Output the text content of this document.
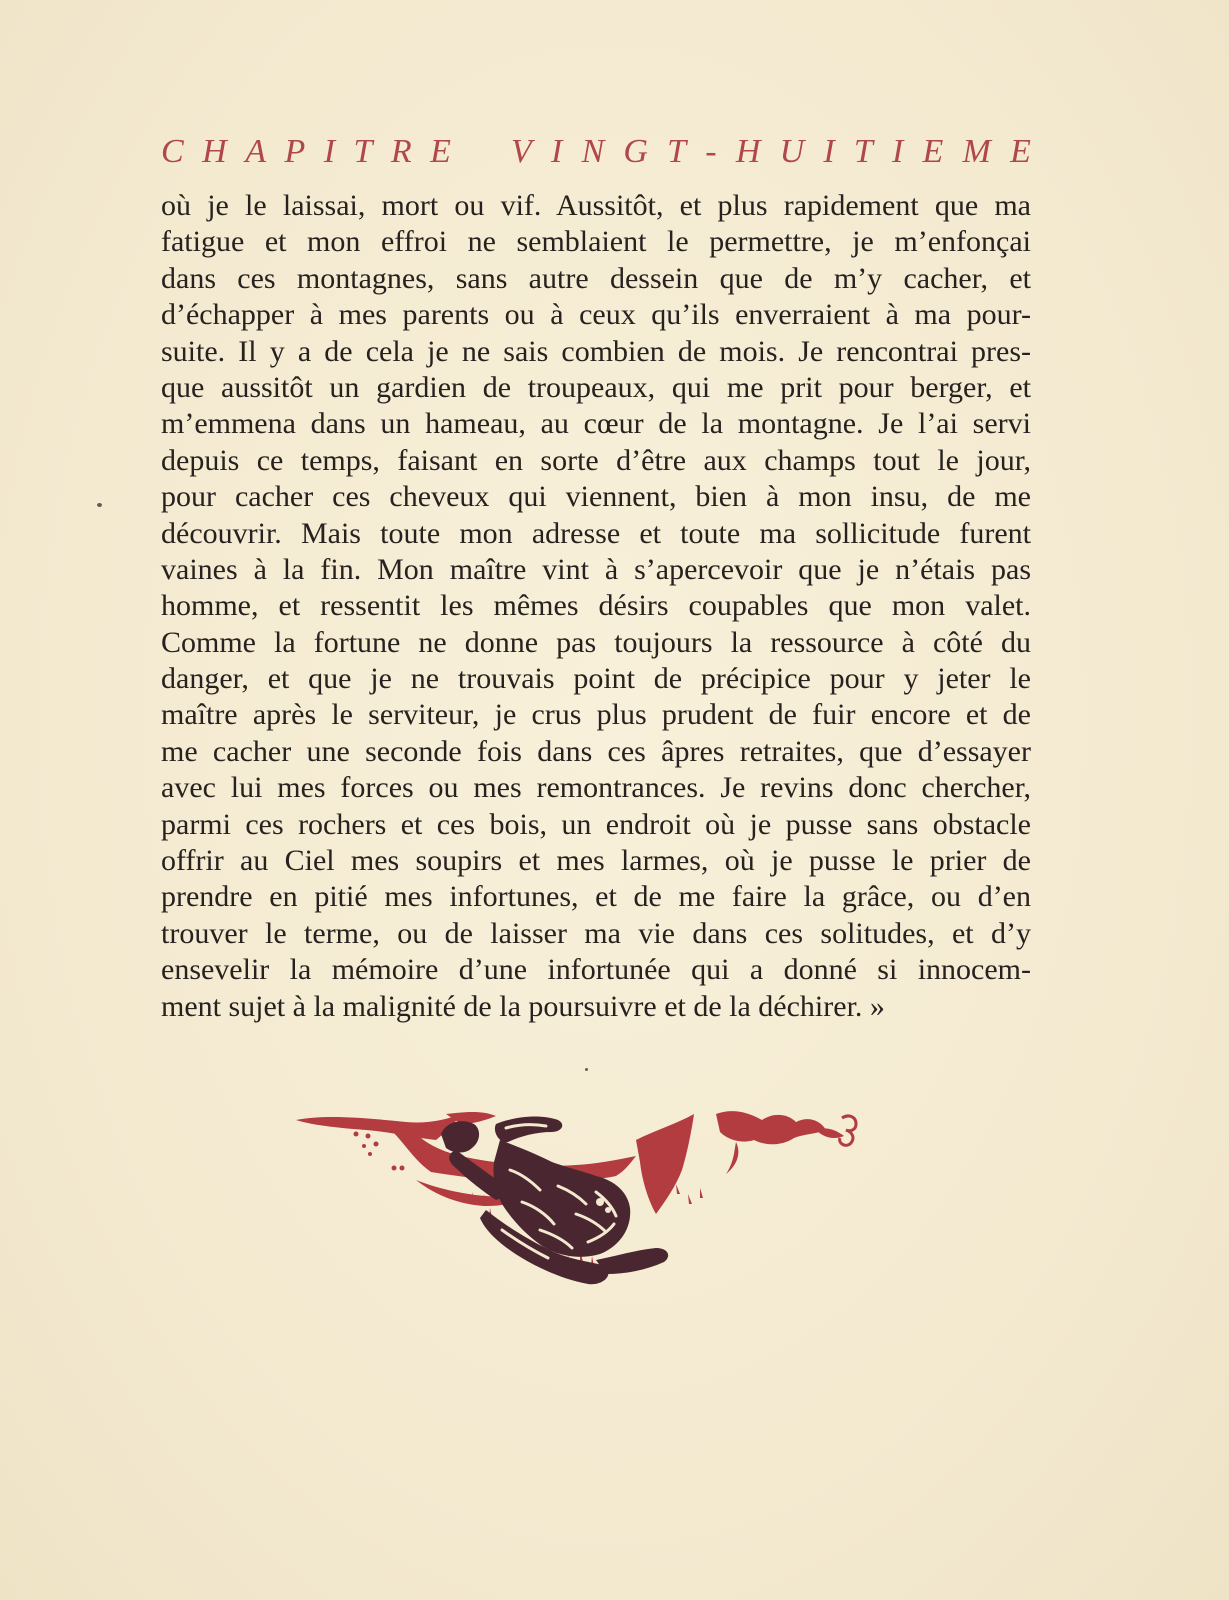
C H A P I T R E V I N G T - H U I T I E M E
où je le laissai, mort ou vif. Aussitôt, et plus rapidement que ma
fatigue et mon effroi ne semblaient le permettre, je m’enfonçai
dans ces montagnes, sans autre dessein que de m’y cacher, et
d’échapper à mes parents ou à ceux qu’ils enverraient à ma pour-
suite. Il y a de cela je ne sais combien de mois. Je rencontrai pres-
que aussitôt un gardien de troupeaux, qui me prit pour berger, et
m’emmena dans un hameau, au cœur de la montagne. Je l’ai servi
depuis ce temps, faisant en sorte d’être aux champs tout le jour,
pour cacher ces cheveux qui viennent, bien à mon insu, de me
découvrir. Mais toute mon adresse et toute ma sollicitude furent
vaines à la fin. Mon maître vint à s’apercevoir que je n’étais pas
homme, et ressentit les mêmes désirs coupables que mon valet.
Comme la fortune ne donne pas toujours la ressource à côté du
danger, et que je ne trouvais point de précipice pour y jeter le
maître après le serviteur, je crus plus prudent de fuir encore et de
me cacher une seconde fois dans ces âpres retraites, que d’essayer
avec lui mes forces ou mes remontrances. Je revins donc chercher,
parmi ces rochers et ces bois, un endroit où je pusse sans obstacle
offrir au Ciel mes soupirs et mes larmes, où je pusse le prier de
prendre en pitié mes infortunes, et de me faire la grâce, ou d’en
trouver le terme, ou de laisser ma vie dans ces solitudes, et d’y
ensevelir la mémoire d’une infortunée qui a donné si innocem-
ment sujet à la malignité de la poursuivre et de la déchirer. »
